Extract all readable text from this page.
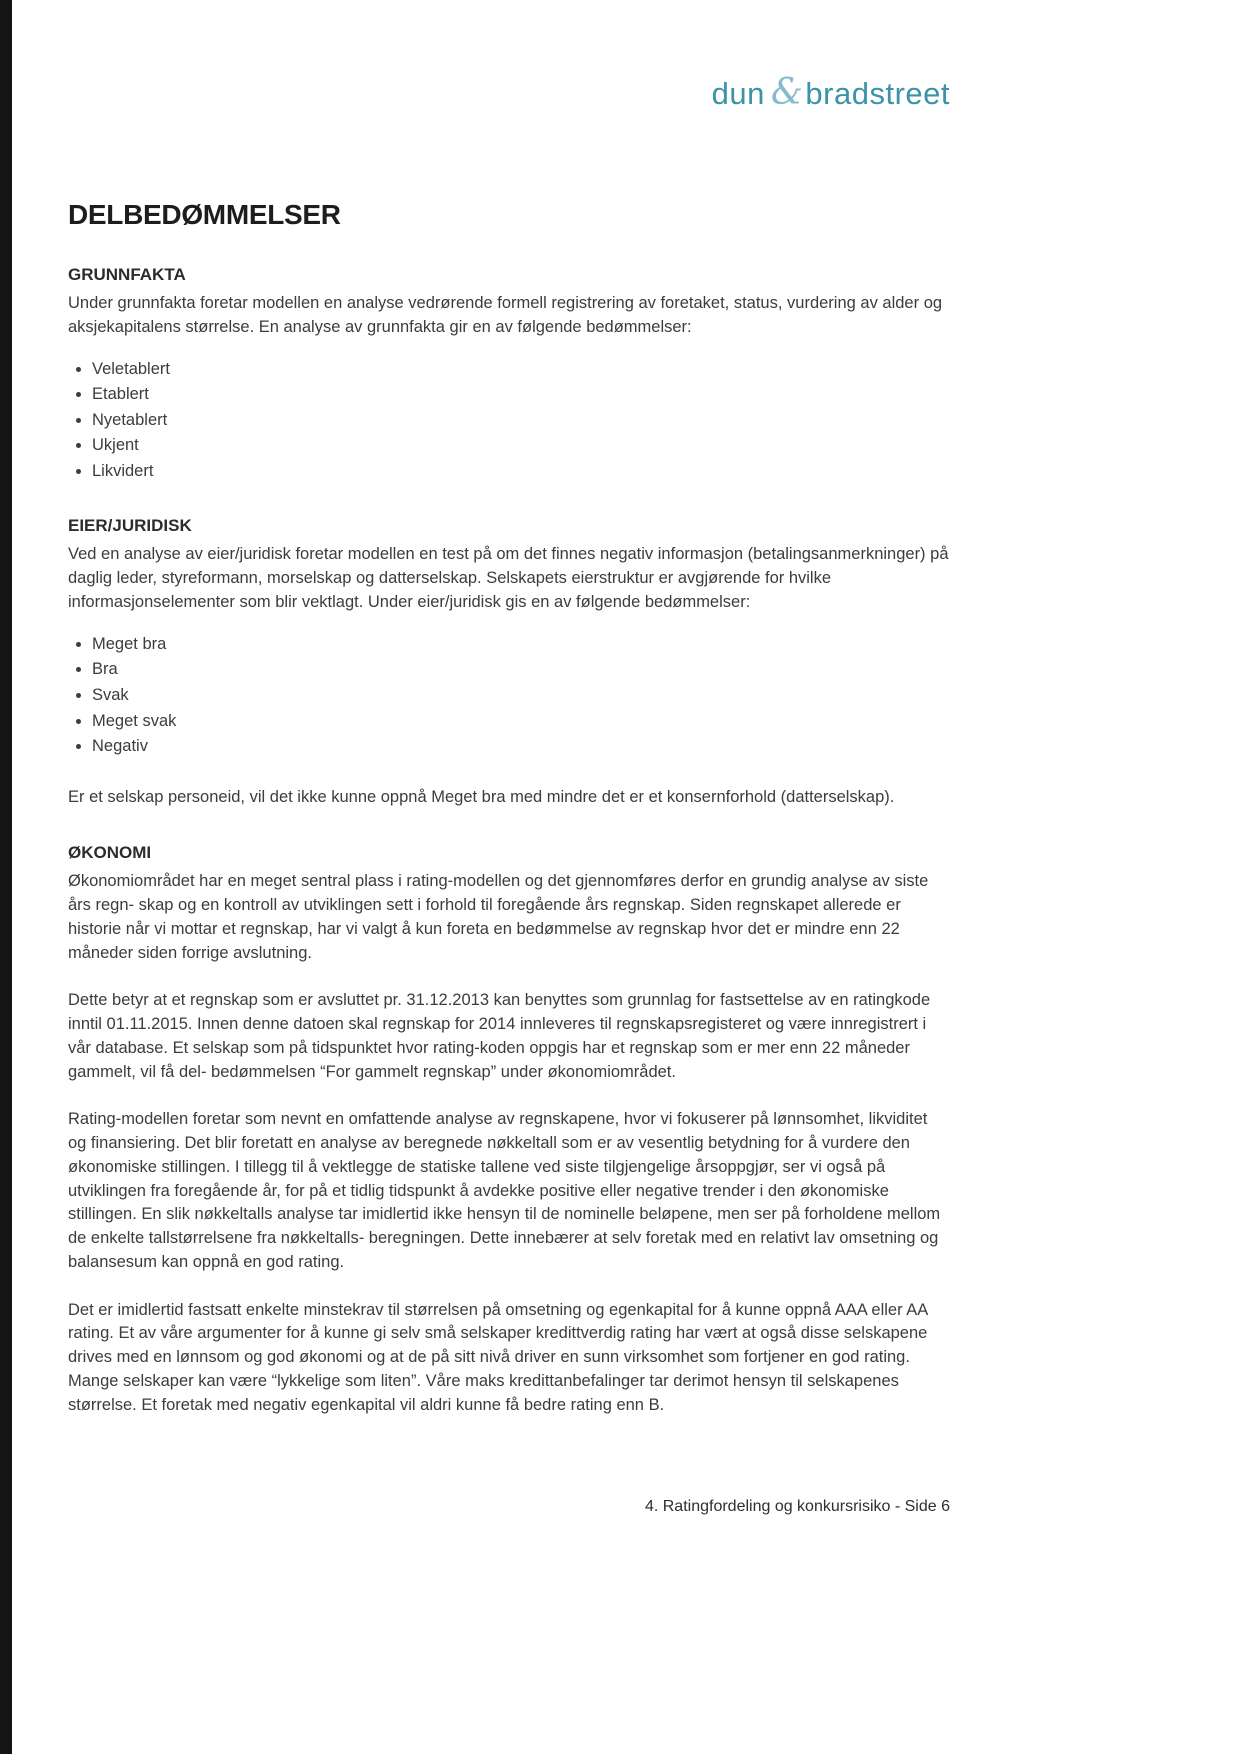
dun &bradstreet
DELBEDØMMELSER
GRUNNFAKTA

Under grunnfakta foretar modellen en analyse vedrørende formell registrering av foretaket, status, vurdering av alder og aksjekapitalens størrelse. En analyse av grunnfakta gir en av følgende bedømmelser:

• Veletablert
• Etablert
• Nyetablert
• Ukjent
• Likvidert
EIER/JURIDISK

Ved en analyse av eier/juridisk foretar modellen en test på om det finnes negativ informasjon (betalingsanmerkninger) på daglig leder, styreformann, morselskap og datterselskap. Selskapets eierstruktur er avgjørende for hvilke informasjonselementer som blir vektlagt. Under eier/juridisk gis en av følgende bedømmelser:

• Meget bra
• Bra
• Svak
• Meget svak
• Negativ

Er et selskap personeid, vil det ikke kunne oppnå Meget bra med mindre det er et konsernforhold (datterselskap).

ØKONOMI

Økonomiområdet har en meget sentral plass i rating-modellen og det gjennomføres derfor en grundig analyse av siste års regn- skap og en kontroll av utviklingen sett i forhold til foregående års regnskap. Siden regnskapet allerede er historie når vi mottar et regnskap, har vi valgt å kun foreta en bedømmelse av regnskap hvor det er mindre enn 22 måneder siden forrige avslutning.

Dette betyr at et regnskap som er avsluttet pr. 31.12.2013 kan benyttes som grunnlag for fastsettelse av en ratingkode inntil 01.11.2015. Innen denne datoen skal regnskap for 2014 innleveres til regnskapsregisteret og være innregistrert i vår database. Et selskap som på tidspunktet hvor rating-koden oppgis har et regnskap som er mer enn 22 måneder gammelt, vil få del- bedømmelsen “For gammelt regnskap” under økonomiområdet.

Rating-modellen foretar som nevnt en omfattende analyse av regnskapene, hvor vi fokuserer på lønnsomhet, likviditet og finansiering. Det blir foretatt en analyse av beregnede nøkkeltall som er av vesentlig betydning for å vurdere den økonomiske stillingen. I tillegg til å vektlegge de statiske tallene ved siste tilgjengelige årsoppgjør, ser vi også på utviklingen fra foregående år, for på et tidlig tidspunkt å avdekke positive eller negative trender i den økonomiske stillingen. En slik nøkkeltalls analyse tar imidlertid ikke hensyn til de nominelle beløpene, men ser på forholdene mellom de enkelte tallstørrelsene fra nøkkeltalls- beregningen. Dette innebærer at selv foretak med en relativt lav omsetning og balansesum kan oppnå en god rating.

Det er imidlertid fastsatt enkelte minstekrav til størrelsen på omsetning og egenkapital for å kunne oppnå AAA eller AA rating. Et av våre argumenter for å kunne gi selv små selskaper kredittverdig rating har vært at også disse selskapene drives med en lønnsom og god økonomi og at de på sitt nivå driver en sunn virksomhet som fortjener en god rating. Mange selskaper kan være “lykkelige som liten”. Våre maks kredittanbefalinger tar derimot hensyn til selskapenes størrelse. Et foretak med negativ egenkapital vil aldri kunne få bedre rating enn B.

4. Ratingfordeling og konkursrisiko - Side 6
